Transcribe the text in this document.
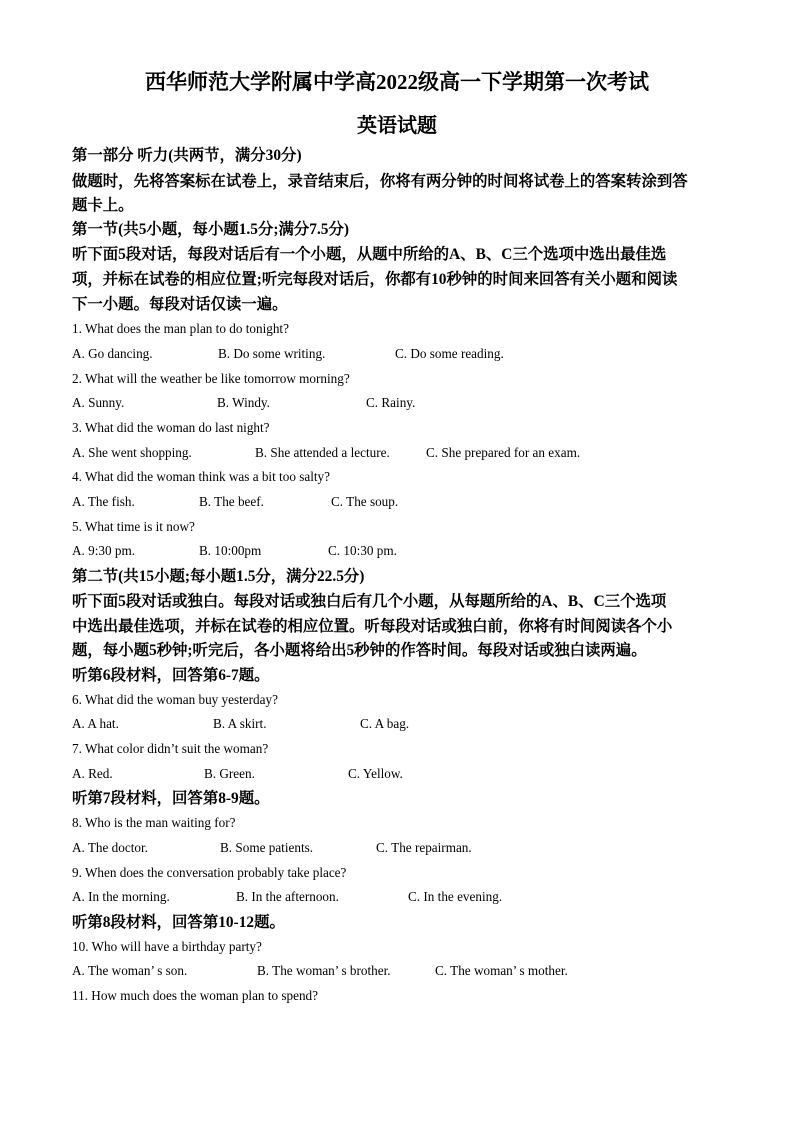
西华师范大学附属中学高2022级高一下学期第一次考试
英语试题

第一部分 听力(共两节，满分30分)

做题时，先将答案标在试卷上，录音结束后，你将有两分钟的时间将试卷上的答案转涂到答

题卡上。

第一节(共5小题，每小题1.5分;满分7.5分)

听下面5段对话，每段对话后有一个小题，从题中所给的A、B、C三个选项中选出最佳选

项，并标在试卷的相应位置;听完每段对话后，你都有10秒钟的时间来回答有关小题和阅读

下一小题。每段对话仅读一遍。

1. What does the man plan to do tonight?

A. Go dancing.	B. Do some writing.	C. Do some reading.

2. What will the weather be like tomorrow morning?

A. Sunny.	B. Windy.	C. Rainy.

3. What did the woman do last night?

A. She went shopping.	B. She attended a lecture.	C. She prepared for an exam.

4. What did the woman think was a bit too salty?

A. The fish.	B. The beef.	C. The soup.

5. What time is it now?

A. 9:30 pm.	B. 10:00pm	C. 10:30 pm.

第二节(共15小题;每小题1.5分，满分22.5分)

听下面5段对话或独白。每段对话或独白后有几个小题，从每题所给的A、B、C三个选项

中选出最佳选项，并标在试卷的相应位置。听每段对话或独白前，你将有时间阅读各个小

题，每小题5秒钟;听完后，各小题将给出5秒钟的作答时间。每段对话或独白读两遍。

听第6段材料，回答第6-7题。

6. What did the woman buy yesterday?

A. A hat.	B. A skirt.	C. A bag.

7. What color didn’t suit the woman?

A. Red.	B. Green.	C. Yellow.

听第7段材料，回答第8-9题。

8. Who is the man waiting for?

A. The doctor.	B. Some patients.	C. The repairman.

9. When does the conversation probably take place?

A. In the morning.	B. In the afternoon.	C. In the evening.

听第8段材料，回答第10-12题。

10. Who will have a birthday party?

A. The woman’ s son.	B. The woman’ s brother.	C. The woman’ s mother.

11. How much does the woman plan to spend?
